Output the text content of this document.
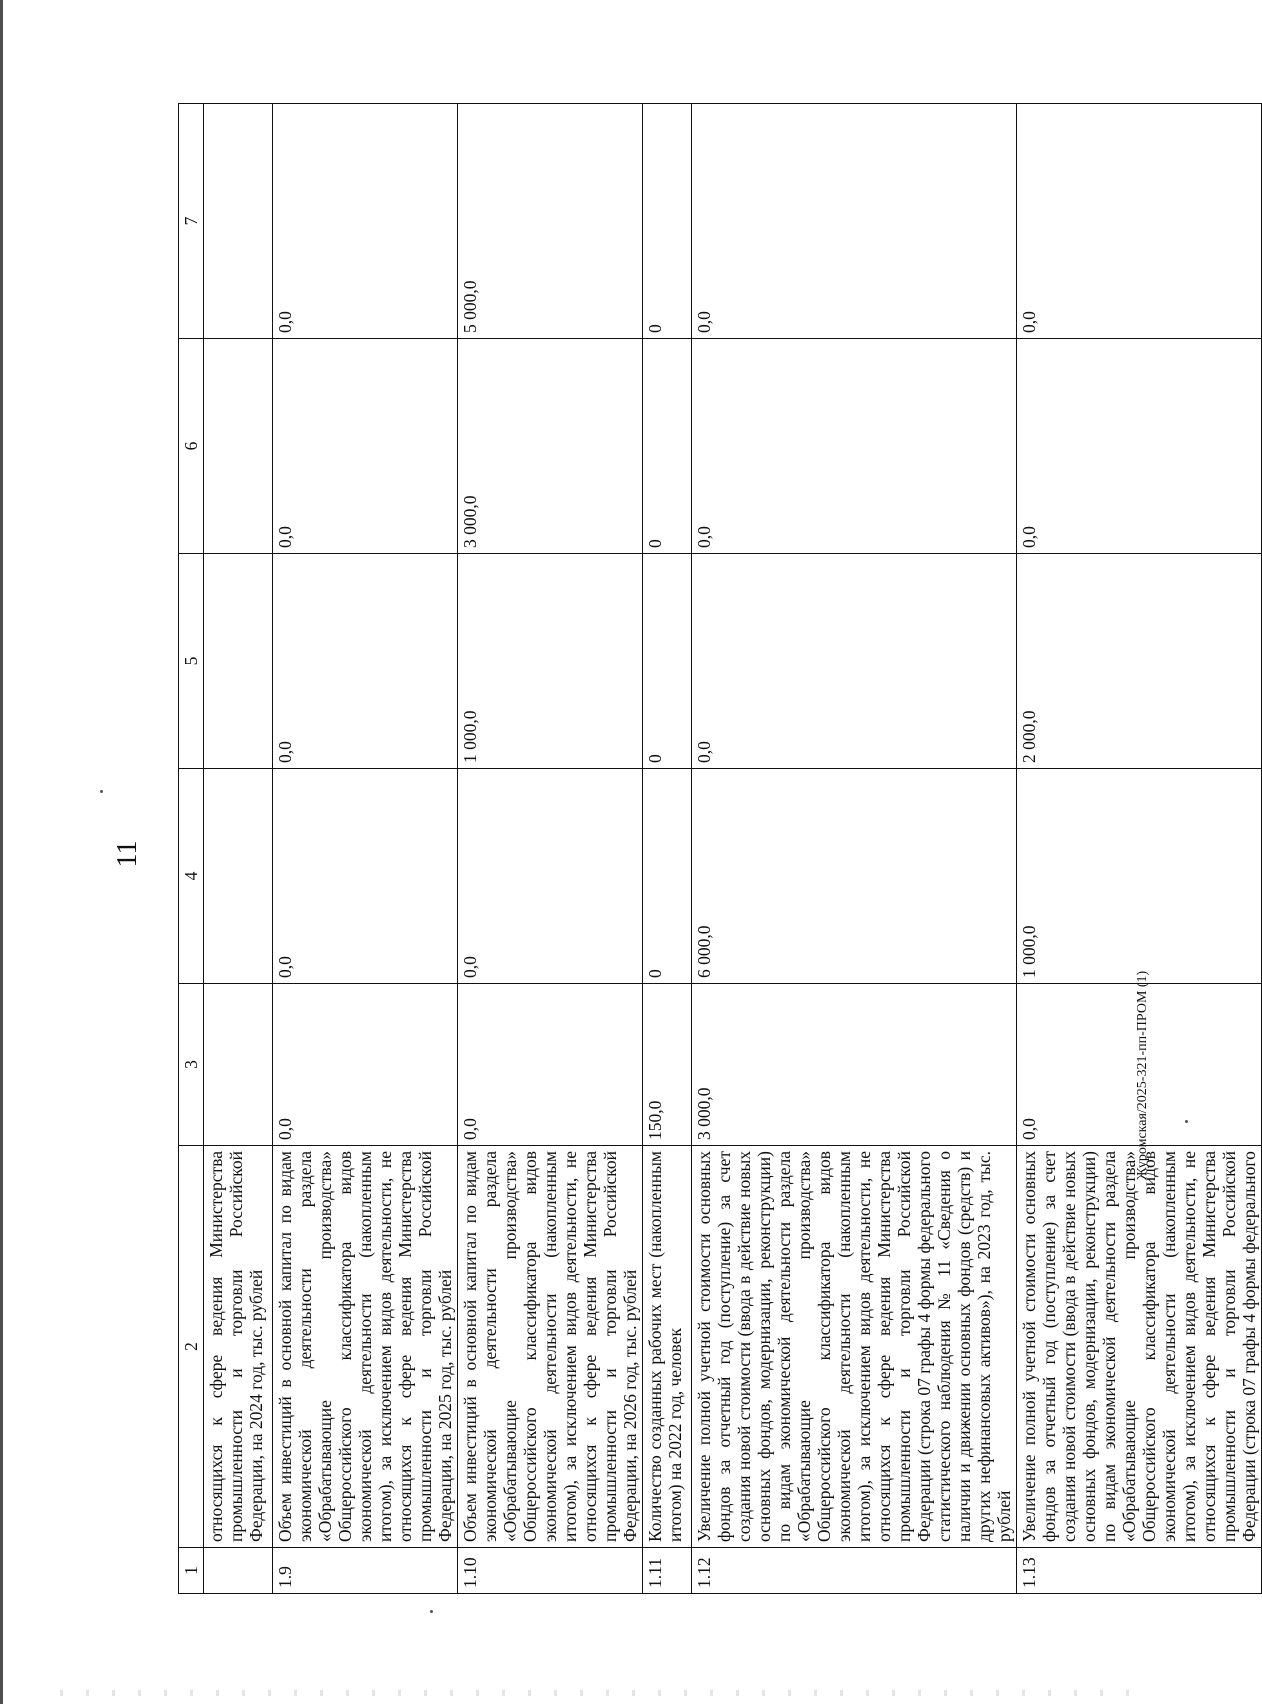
11
1	2	3	4	5	6	7
	относящихся к сфере ведения Министерства промышленности и торговли Российской Федерации, на 2024 год, тыс. рублей					
1.9	Объем инвестиций в основной капитал по видам экономической деятельности раздела «Обрабатывающие производства» Общероссийского классификатора видов экономической деятельности (накопленным итогом), за исключением видов деятельности, не относящихся к сфере ведения Министерства промышленности и торговли Российской Федерации, на 2025 год, тыс. рублей	0,0	0,0	0,0	0,0	0,0
1.10	Объем инвестиций в основной капитал по видам экономической деятельности раздела «Обрабатывающие производства» Общероссийского классификатора видов экономической деятельности (накопленным итогом), за исключением видов деятельности, не относящихся к сфере ведения Министерства промышленности и торговли Российской Федерации, на 2026 год, тыс. рублей	0,0	0,0	1 000,0	3 000,0	5 000,0
1.11	Количество созданных рабочих мест (накопленным итогом) на 2022 год, человек	150,0	0	0	0	0
1.12	Увеличение полной учетной стоимости основных фондов за отчетный год (поступление) за счет создания новой стоимости (ввода в действие новых основных фондов, модернизации, реконструкции) по видам экономической деятельности раздела «Обрабатывающие производства» Общероссийского классификатора видов экономической деятельности (накопленным итогом), за исключением видов деятельности, не относящихся к сфере ведения Министерства промышленности и торговли Российской Федерации (строка 07 графы 4 формы федерального статистического наблюдения № 11 «Сведения о наличии и движении основных фондов (средств) и других нефинансовых активов»), на 2023 год, тыс. рублей	3 000,0	6 000,0	0,0	0,0	0,0
1.13	Увеличение полной учетной стоимости основных фондов за отчетный год (поступление) за счет создания новой стоимости (ввода в действие новых основных фондов, модернизации, реконструкции) по видам экономической деятельности раздела «Обрабатывающие производства» Общероссийского классификатора видов экономической деятельности (накопленным итогом), за исключением видов деятельности, не относящихся к сфере ведения Министерства промышленности и торговли Российской Федерации (строка 07 графы 4 формы федерального	0,0	1 000,0	2 000,0	0,0	0,0
Журомская/2025-321-пп-ПРОМ (1)
